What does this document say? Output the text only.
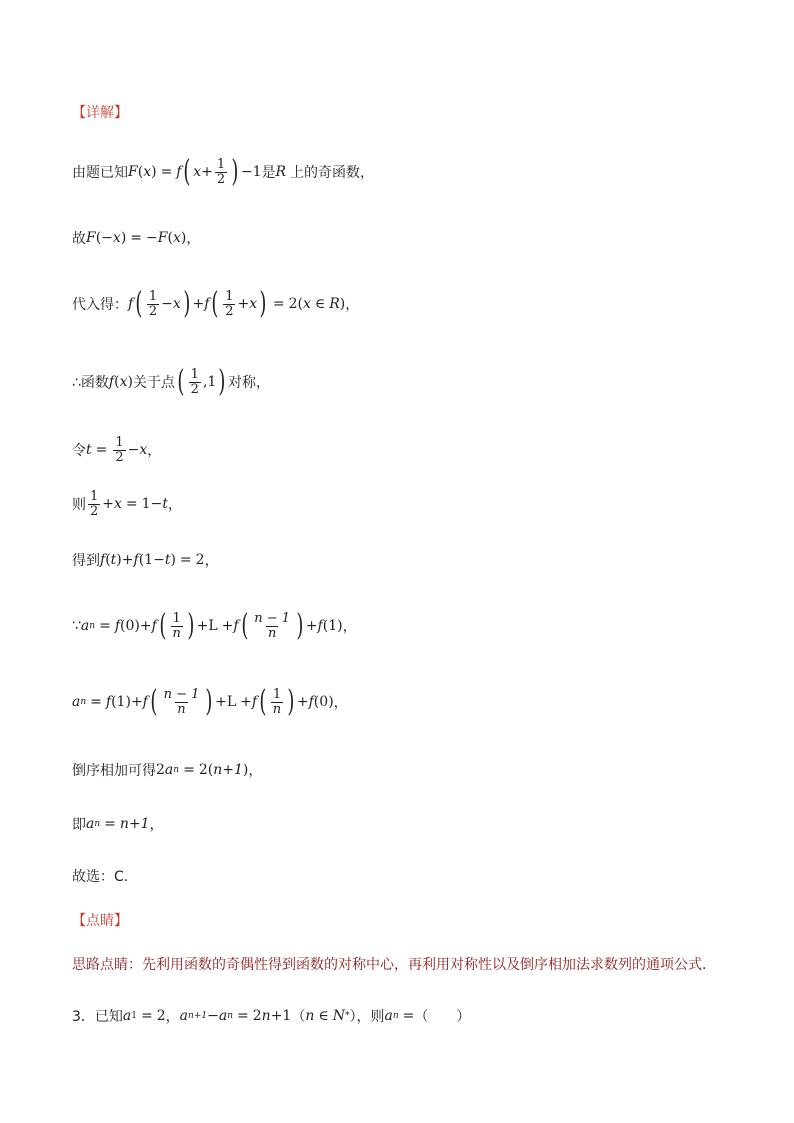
【详解】
由题已知 F ( x ) = f ( $x + \frac{1}{2}$ ) − 1 是 R 上的奇函数，
故 F ( − x ) = − F ( x ) ，
代入得： f ( $\frac{1}{2} - x$ ) + f ( $\frac{1}{2} + x$ ) = 2 ( x ∈ R ) ，
∴函数 f ( x ) 关于点 ( $\frac{1}{2}$ , 1 ) 对称，
令 $t = \frac{1}{2} - x$ ，
则 $\frac{1}{2} + x = 1 - t$ ，
得到 f ( t ) + f ( 1 − t ) = 2 ，
∵ a n = f ( 0 ) + f ( $\frac{1}{n}$ ) + L + f ( $\frac{n - 1}{n}$ ) + f ( 1 ) ，
a n = f ( 1 ) + f ( $\frac{n - 1}{n}$ ) + L + f ( $\frac{1}{n}$ ) + f ( 0 ) ，
倒序相加可得 2 a n = 2 ( n+1 ) ，
即 a n = n+1 ，
故选：C.
【点睛】
思路点睛：先利用函数的奇偶性得到函数的对称中心，再利用对称性以及倒序相加法求数列的通项公式.
3．已知 a 1 = 2 ， a n+1 − a n = 2 n + 1 （ n ∈ N * ），则 a n = （　　）
